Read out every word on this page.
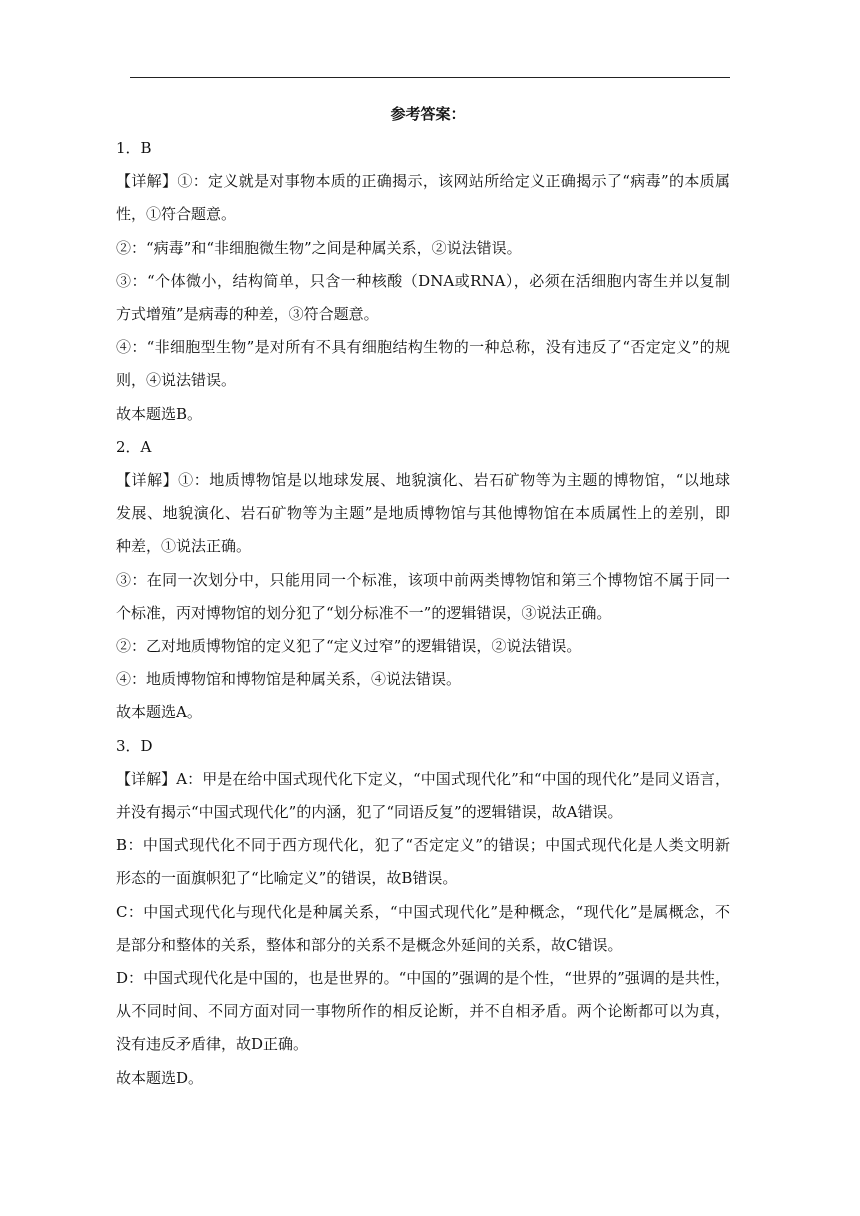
参考答案：

1．B

【详解】①：定义就是对事物本质的正确揭示，该网站所给定义正确揭示了“病毒”的本质属

性，①符合题意。

②：“病毒”和“非细胞微生物”之间是种属关系，②说法错误。

③：“个体微小，结构简单，只含一种核酸（DNA或RNA），必须在活细胞内寄生并以复制

方式增殖”是病毒的种差，③符合题意。

④：“非细胞型生物”是对所有不具有细胞结构生物的一种总称，没有违反了“否定定义”的规

则，④说法错误。

故本题选B。

2．A

【详解】①：地质博物馆是以地球发展、地貌演化、岩石矿物等为主题的博物馆，“以地球

发展、地貌演化、岩石矿物等为主题”是地质博物馆与其他博物馆在本质属性上的差别，即

种差，①说法正确。

③：在同一次划分中，只能用同一个标准，该项中前两类博物馆和第三个博物馆不属于同一

个标准，丙对博物馆的划分犯了“划分标准不一”的逻辑错误，③说法正确。

②：乙对地质博物馆的定义犯了“定义过窄”的逻辑错误，②说法错误。

④：地质博物馆和博物馆是种属关系，④说法错误。

故本题选A。

3．D

【详解】A：甲是在给中国式现代化下定义，“中国式现代化”和“中国的现代化”是同义语言，

并没有揭示“中国式现代化”的内涵，犯了“同语反复”的逻辑错误，故A错误。

B：中国式现代化不同于西方现代化，犯了“否定定义”的错误；中国式现代化是人类文明新

形态的一面旗帜犯了“比喻定义”的错误，故B错误。

C：中国式现代化与现代化是种属关系，“中国式现代化”是种概念，“现代化”是属概念，不

是部分和整体的关系，整体和部分的关系不是概念外延间的关系，故C错误。

D：中国式现代化是中国的，也是世界的。“中国的”强调的是个性，“世界的”强调的是共性，

从不同时间、不同方面对同一事物所作的相反论断，并不自相矛盾。两个论断都可以为真，

没有违反矛盾律，故D正确。

故本题选D。
